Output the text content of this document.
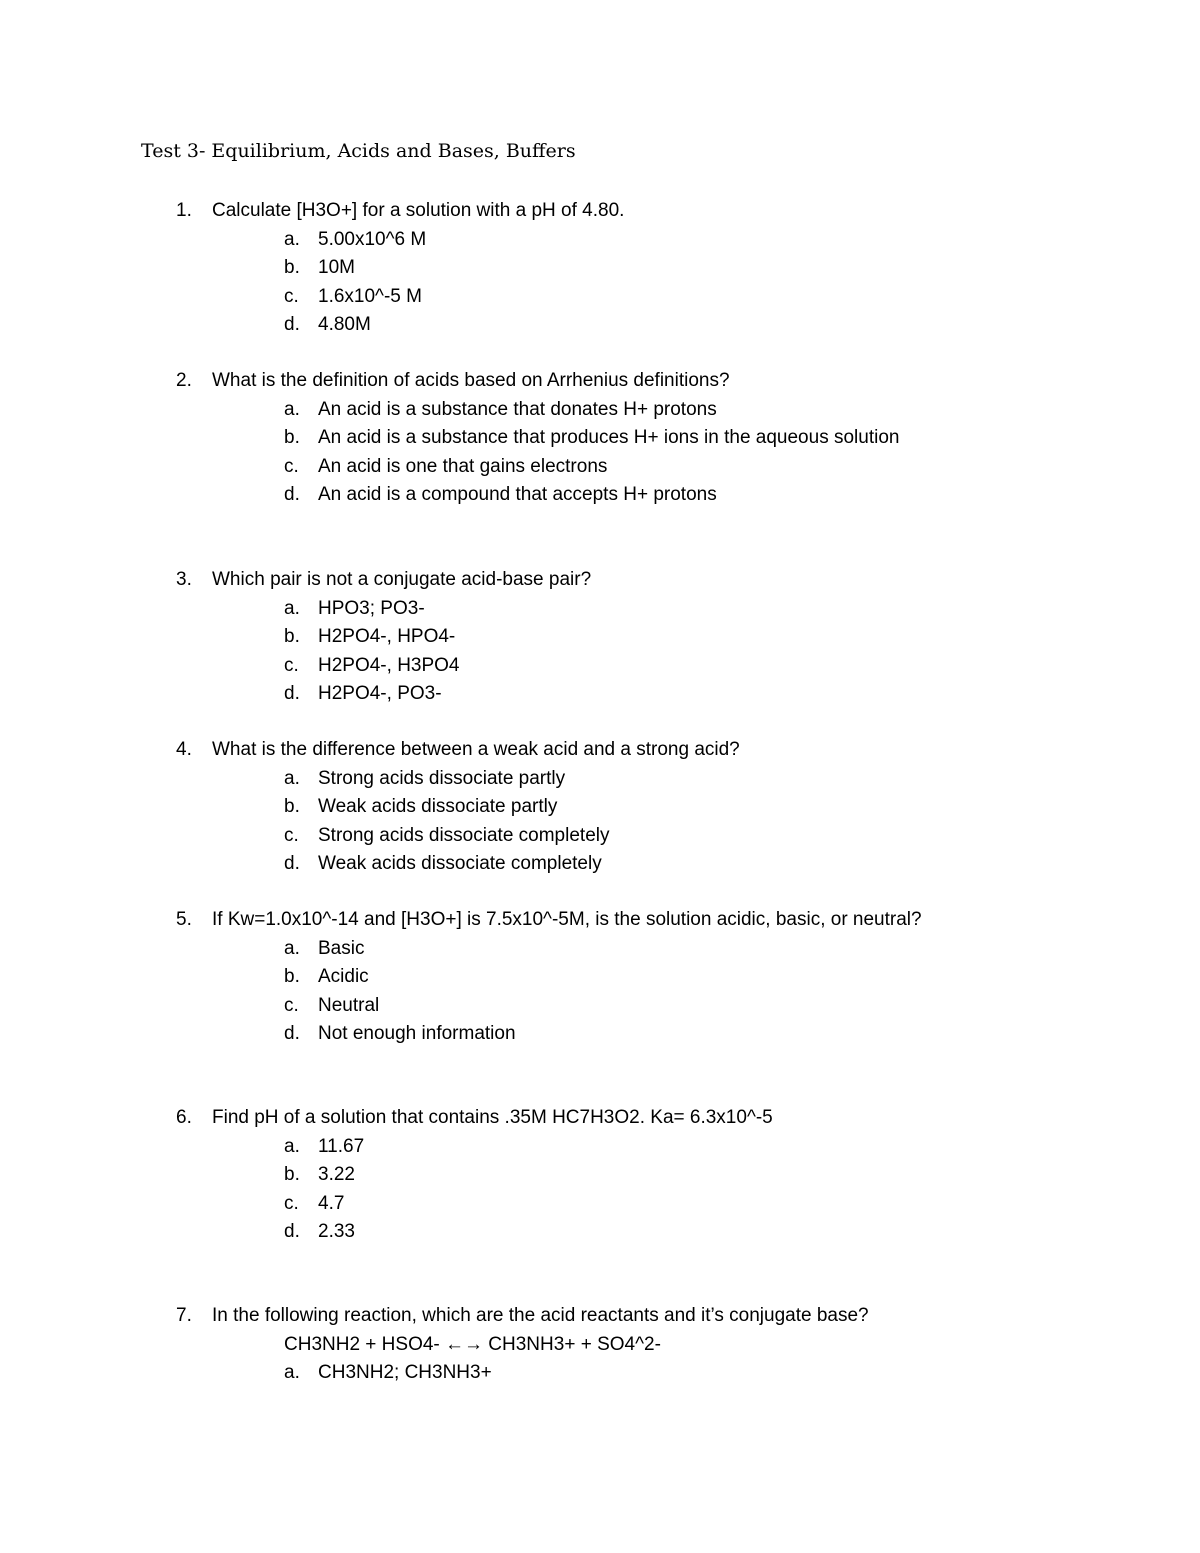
Test 3- Equilibrium, Acids and Bases, Buffers
1. Calculate [H3O+] for a solution with a pH of 4.80.
a. 5.00x10^6 M
b. 10M
c. 1.6x10^-5 M
d. 4.80M
2. What is the definition of acids based on Arrhenius definitions?
a. An acid is a substance that donates H+ protons
b. An acid is a substance that produces H+ ions in the aqueous solution
c. An acid is one that gains electrons
d. An acid is a compound that accepts H+ protons
3. Which pair is not a conjugate acid-base pair?
a. HPO3; PO3-
b. H2PO4-, HPO4-
c. H2PO4-, H3PO4
d. H2PO4-, PO3-
4. What is the difference between a weak acid and a strong acid?
a. Strong acids dissociate partly
b. Weak acids dissociate partly
c. Strong acids dissociate completely
d. Weak acids dissociate completely
5. If Kw=1.0x10^-14 and [H3O+] is 7.5x10^-5M, is the solution acidic, basic, or neutral?
a. Basic
b. Acidic
c. Neutral
d. Not enough information
6. Find pH of a solution that contains .35M HC7H3O2. Ka= 6.3x10^-5
a. 11.67
b. 3.22
c. 4.7
d. 2.33
7. In the following reaction, which are the acid reactants and it’s conjugate base?
CH3NH2 + HSO4- ←→ CH3NH3+ + SO4^2-
a. CH3NH2; CH3NH3+
